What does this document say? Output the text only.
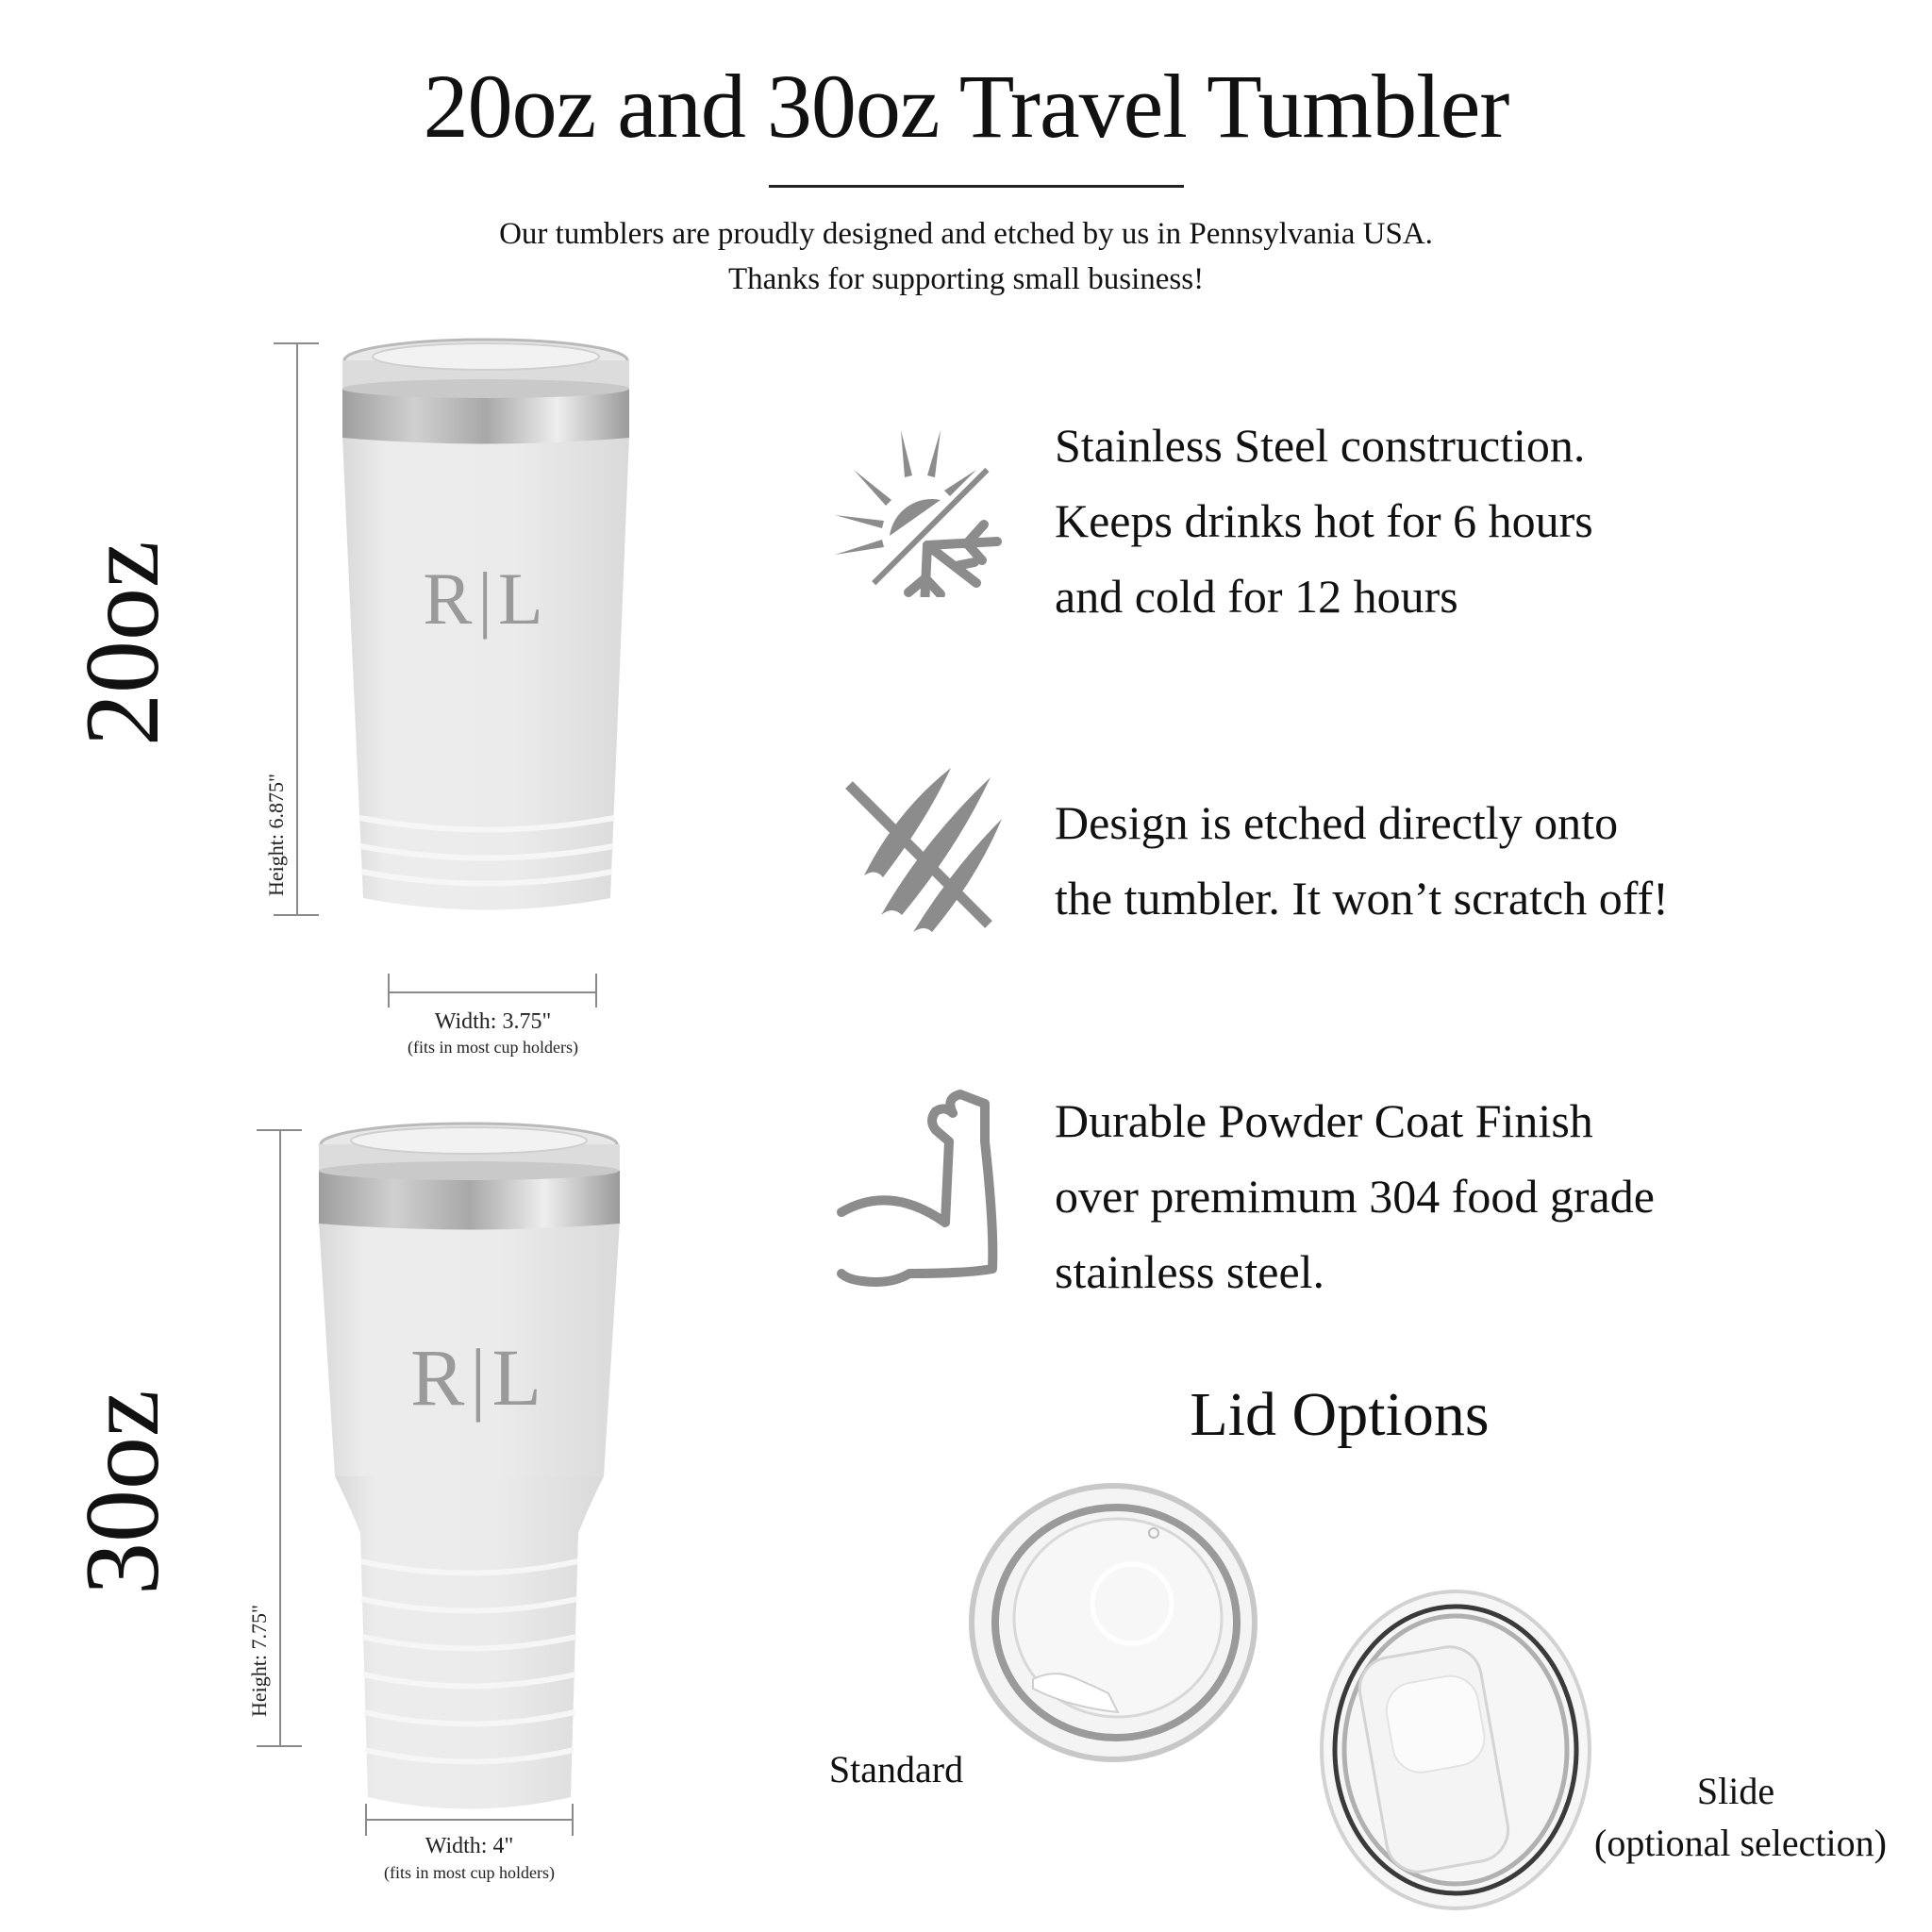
20oz and 30oz Travel Tumbler
Our tumblers are proudly designed and etched by us in Pennsylvania USA.
Thanks for supporting small business!
20oz
Height: 6.875"
R|L
Width: 3.75"
(fits in most cup holders)
30oz
Height: 7.75"
R|L
Width: 4"
(fits in most cup holders)
Stainless Steel construction.
Keeps drinks hot for 6 hours
and cold for 12 hours
Design is etched directly onto
the tumbler. It won’t scratch off!
Durable Powder Coat Finish
over premimum 304 food grade
stainless steel.
Lid Options
Standard
Slide
(optional selection)
